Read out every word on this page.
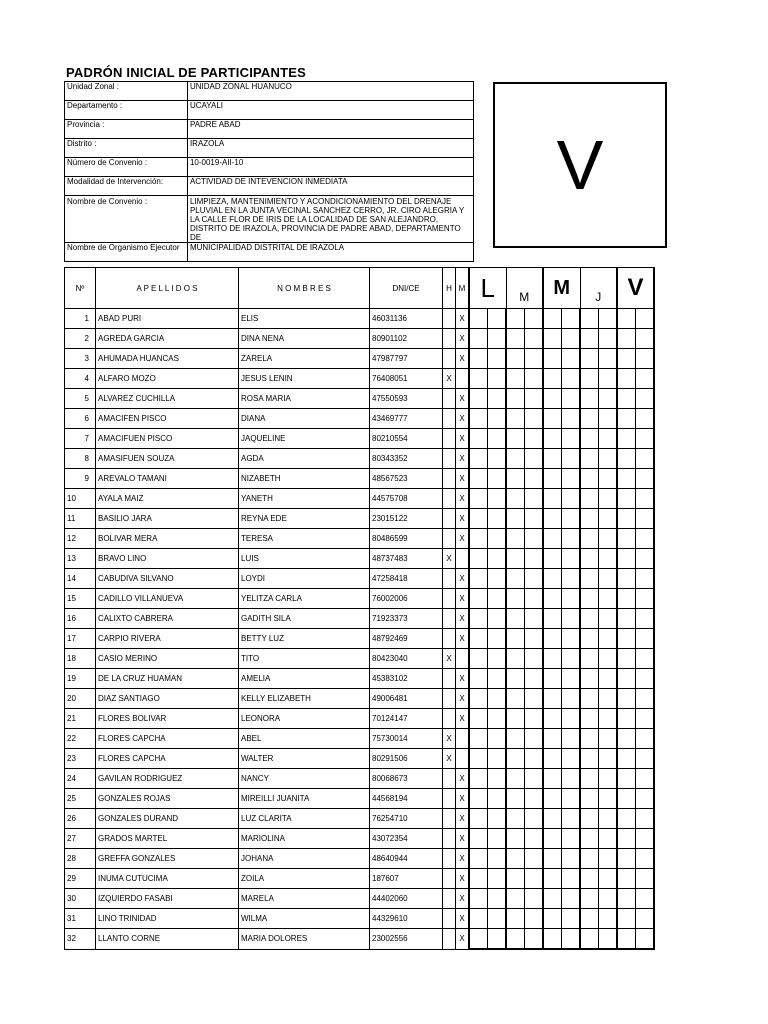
PADRÓN INICIAL DE PARTICIPANTES
Unidad Zonal :	UNIDAD ZONAL HUANUCO
Departamento :	UCAYALI
Provincia :	PADRE ABAD
Distrito :	IRAZOLA
Número de Convenio :	10-0019-AII-10
Modalidad de Intervención:	ACTIVIDAD DE INTEVENCION INMEDIATA
Nombre de Convenio :	LIMPIEZA, MANTENIMIENTO Y ACONDICIONAMIENTO DEL DRENAJE PLUVIAL EN LA JUNTA VECINAL SANCHEZ CERRO, JR. CIRO ALEGRIA Y LA CALLE FLOR DE IRIS DE LA LOCALIDAD DE SAN ALEJANDRO, DISTRITO DE IRAZOLA, PROVINCIA DE PADRE ABAD, DEPARTAMENTO DE
Nombre de Organismo Ejecutor	MUNICIPALIDAD DISTRITAL DE IRAZOLA
V
Nº	A P E L L I D O S	N O M B R E S	DNI/CE	H	M	L		M		M		J		V	
1	ABAD PURI	ELIS	46031136		X										
2	AGREDA GARCIA	DINA NENA	80901102		X										
3	AHUMADA HUANCAS	ZARELA	47987797		X										
4	ALFARO MOZO	JESUS LENIN	76408051	X											
5	ALVAREZ CUCHILLA	ROSA MARIA	47550593		X										
6	AMACIFEN PISCO	DIANA	43469777		X										
7	AMACIFUEN PISCO	JAQUELINE	80210554		X										
8	AMASIFUEN SOUZA	AGDA	80343352		X										
9	AREVALO TAMANI	NIZABETH	48567523		X										
10	AYALA MAIZ	YANETH	44575708		X										
11	BASILIO JARA	REYNA EDE	23015122		X										
12	BOLIVAR MERA	TERESA	80486599		X										
13	BRAVO LINO	LUIS	48737483	X											
14	CABUDIVA SILVANO	LOYDI	47258418		X										
15	CADILLO VILLANUEVA	YELITZA CARLA	76002006		X										
16	CALIXTO CABRERA	GADITH SILA	71923373		X										
17	CARPIO RIVERA	BETTY LUZ	48792469		X										
18	CASIO MERINO	TITO	80423040	X											
19	DE LA CRUZ HUAMAN	AMELIA	45383102		X										
20	DIAZ SANTIAGO	KELLY ELIZABETH	49006481		X										
21	FLORES BOLIVAR	LEONORA	70124147		X										
22	FLORES CAPCHA	ABEL	75730014	X											
23	FLORES CAPCHA	WALTER	80291506	X											
24	GAVILAN RODRIGUEZ	NANCY	80068673		X										
25	GONZALES ROJAS	MIREILLI JUANITA	44568194		X										
26	GONZALES DURAND	LUZ CLARITA	76254710		X										
27	GRADOS MARTEL	MARIOLINA	43072354		X										
28	GREFFA GONZALES	JOHANA	48640944		X										
29	INUMA CUTUCIMA	ZOILA	187607		X										
30	IZQUIERDO FASABI	MARELA	44402060		X										
31	LINO TRINIDAD	WILMA	44329610		X										
32	LLANTO CORNE	MARIA DOLORES	23002556		X										
